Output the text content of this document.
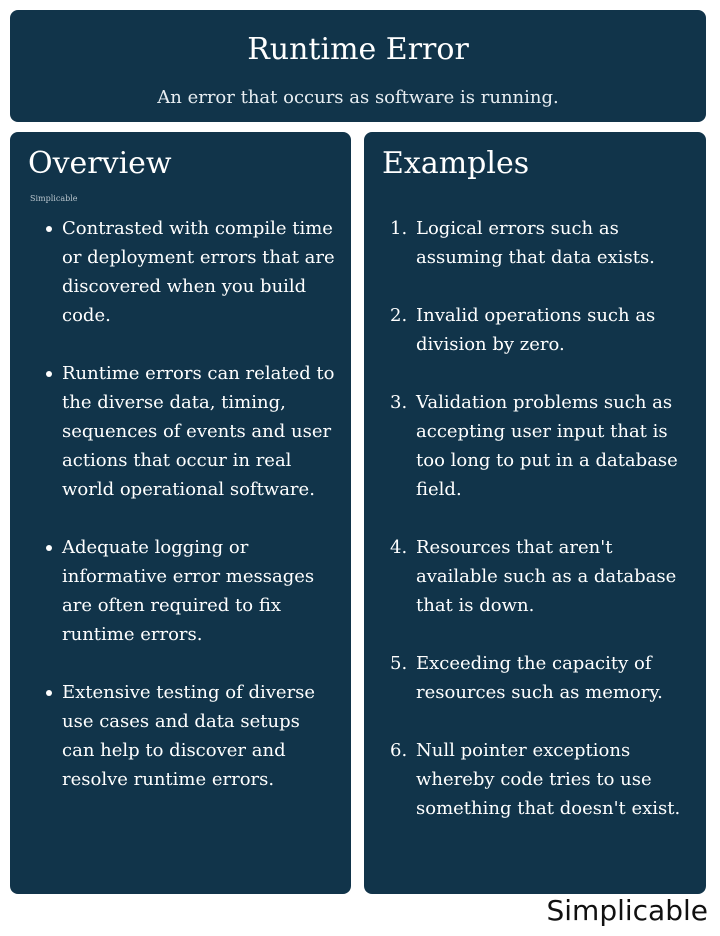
Runtime Error
An error that occurs as software is running.
Overview
Simplicable
Contrasted with compile time or deployment errors that are discovered when you build code.
Runtime errors can related to the diverse data, timing, sequences of events and user actions that occur in real world operational software.
Adequate logging or informative error messages are often required to fix runtime errors.
Extensive testing of diverse use cases and data setups can help to discover and resolve runtime errors.
Examples
1. Logical errors such as assuming that data exists.
2. Invalid operations such as division by zero.
3. Validation problems such as accepting user input that is too long to put in a database field.
4. Resources that aren't available such as a database that is down.
5. Exceeding the capacity of resources such as memory.
6. Null pointer exceptions whereby code tries to use something that doesn't exist.
Simplicable
